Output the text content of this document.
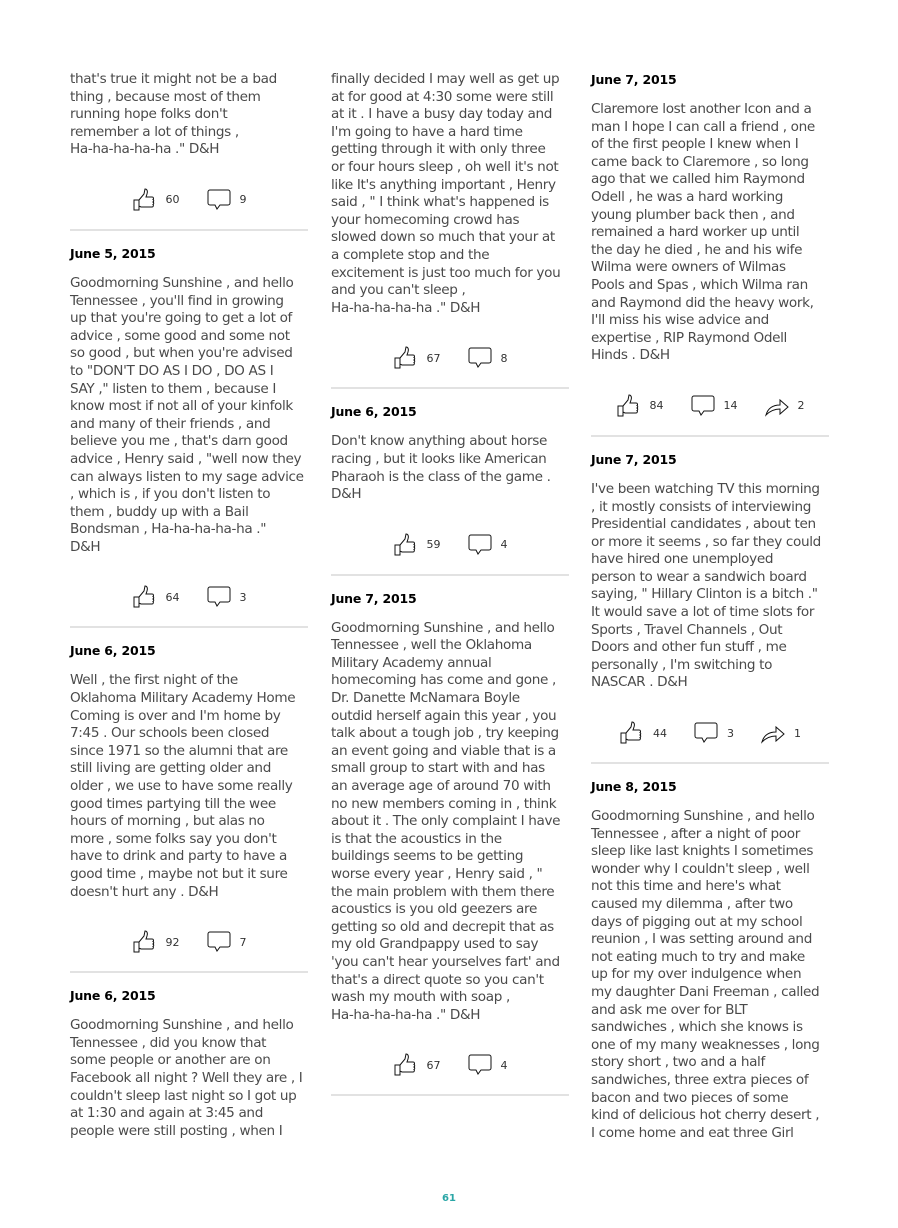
that's true it might not be a bad
thing , because most of them
running hope folks don't
remember a lot of things ,
Ha-ha-ha-ha-ha ." D&H
60	9
June 5, 2015
Goodmorning Sunshine , and hello
Tennessee , you'll find in growing
up that you're going to get a lot of
advice , some good and some not
so good , but when you're advised
to "DON'T DO AS I DO , DO AS I
SAY ," listen to them , because I
know most if not all of your kinfolk
and many of their friends , and
believe you me , that's darn good
advice , Henry said , "well now they
can always listen to my sage advice
, which is , if you don't listen to
them , buddy up with a Bail
Bondsman , Ha-ha-ha-ha-ha ."
D&H
64	3
June 6, 2015
Well , the first night of the
Oklahoma Military Academy Home
Coming is over and I'm home by
7:45 . Our schools been closed
since 1971 so the alumni that are
still living are getting older and
older , we use to have some really
good times partying till the wee
hours of morning , but alas no
more , some folks say you don't
have to drink and party to have a
good time , maybe not but it sure
doesn't hurt any . D&H
92	7
June 6, 2015
Goodmorning Sunshine , and hello
Tennessee , did you know that
some people or another are on
Facebook all night ? Well they are , I
couldn't sleep last night so I got up
at 1:30 and again at 3:45 and
people were still posting , when I
finally decided I may well as get up
at for good at 4:30 some were still
at it . I have a busy day today and
I'm going to have a hard time
getting through it with only three
or four hours sleep , oh well it's not
like It's anything important , Henry
said , " I think what's happened is
your homecoming crowd has
slowed down so much that your at
a complete stop and the
excitement is just too much for you
and you can't sleep ,
Ha-ha-ha-ha-ha ." D&H
67	8
June 6, 2015
Don't know anything about horse
racing , but it looks like American
Pharaoh is the class of the game .
D&H
59	4
June 7, 2015
Goodmorning Sunshine , and hello
Tennessee , well the Oklahoma
Military Academy annual
homecoming has come and gone ,
Dr. Danette McNamara Boyle
outdid herself again this year , you
talk about a tough job , try keeping
an event going and viable that is a
small group to start with and has
an average age of around 70 with
no new members coming in , think
about it . The only complaint I have
is that the acoustics in the
buildings seems to be getting
worse every year , Henry said , "
the main problem with them there
acoustics is you old geezers are
getting so old and decrepit that as
my old Grandpappy used to say
'you can't hear yourselves fart' and
that's a direct quote so you can't
wash my mouth with soap ,
Ha-ha-ha-ha-ha ." D&H
67	4
June 7, 2015
Claremore lost another Icon and a
man I hope I can call a friend , one
of the first people I knew when I
came back to Claremore , so long
ago that we called him Raymond
Odell , he was a hard working
young plumber back then , and
remained a hard worker up until
the day he died , he and his wife
Wilma were owners of Wilmas
Pools and Spas , which Wilma ran
and Raymond did the heavy work,
I'll miss his wise advice and
expertise , RIP Raymond Odell
Hinds . D&H
84	14	2
June 7, 2015
I've been watching TV this morning
, it mostly consists of interviewing
Presidential candidates , about ten
or more it seems , so far they could
have hired one unemployed
person to wear a sandwich board
saying, " Hillary Clinton is a bitch ."
It would save a lot of time slots for
Sports , Travel Channels , Out
Doors and other fun stuff , me
personally , I'm switching to
NASCAR . D&H
44	3	1
June 8, 2015
Goodmorning Sunshine , and hello
Tennessee , after a night of poor
sleep like last knights I sometimes
wonder why I couldn't sleep , well
not this time and here's what
caused my dilemma , after two
days of pigging out at my school
reunion , I was setting around and
not eating much to try and make
up for my over indulgence when
my daughter Dani Freeman , called
and ask me over for BLT
sandwiches , which she knows is
one of my many weaknesses , long
story short , two and a half
sandwiches, three extra pieces of
bacon and two pieces of some
kind of delicious hot cherry desert ,
I come home and eat three Girl
61
